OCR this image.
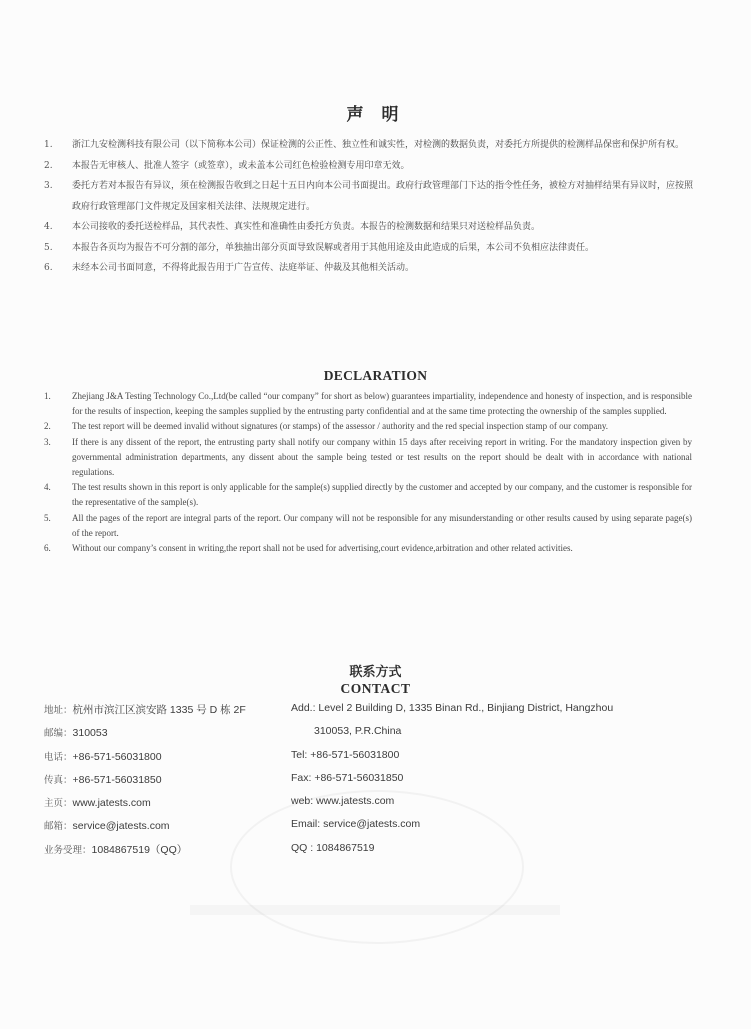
声 明
1. 浙江九安检测科技有限公司（以下简称本公司）保证检测的公正性、独立性和诚实性，对检测的数据负责，对委托方所提供的检测样品保密和保护所有权。
2. 本报告无审核人、批准人签字（或签章），或未盖本公司红色检验检测专用印章无效。
3. 委托方若对本报告有异议，须在检测报告收到之日起十五日内向本公司书面提出。政府行政管理部门下达的指令性任务，被检方对抽样结果有异议时，应按照政府行政管理部门文件规定及国家相关法律、法规规定进行。
4. 本公司接收的委托送检样品，其代表性、真实性和准确性由委托方负责。本报告的检测数据和结果只对送检样品负责。
5. 本报告各页均为报告不可分割的部分，单独抽出部分页面导致误解或者用于其他用途及由此造成的后果，本公司不负相应法律责任。
6. 未经本公司书面同意，不得将此报告用于广告宣传、法庭举证、仲裁及其他相关活动。
DECLARATION
1. Zhejiang J&A Testing Technology Co.,Ltd(be called “our company” for short as below) guarantees impartiality, independence and honesty of inspection, and is responsible for the results of inspection, keeping the samples supplied by the entrusting party confidential and at the same time protecting the ownership of the samples supplied.
2. The test report will be deemed invalid without signatures (or stamps) of the assessor / authority and the red special inspection stamp of our company.
3. If there is any dissent of the report, the entrusting party shall notify our company within 15 days after receiving report in writing. For the mandatory inspection given by governmental administration departments, any dissent about the sample being tested or test results on the report should be dealt with in accordance with national regulations.
4. The test results shown in this report is only applicable for the sample(s) supplied directly by the customer and accepted by our company, and the customer is responsible for the representative of the sample(s).
5. All the pages of the report are integral parts of the report. Our company will not be responsible for any misunderstanding or other results caused by using separate page(s) of the report.
6. Without our company’s consent in writing,the report shall not be used for advertising,court evidence,arbitration and other related activities.
联系方式
CONTACT
地址：杭州市滨江区滨安路 1335 号 D 栋 2F	Add.: Level 2 Building D, 1335 Binan Rd., Binjiang District, Hangzhou
邮编：310053	310053, P.R.China
电话：+86-571-56031800	Tel: +86-571-56031800
传真：+86-571-56031850	Fax: +86-571-56031850
主页：www.jatests.com	web: www.jatests.com
邮箱：service@jatests.com	Email: service@jatests.com
业务受理：1084867519（QQ）	QQ : 1084867519
